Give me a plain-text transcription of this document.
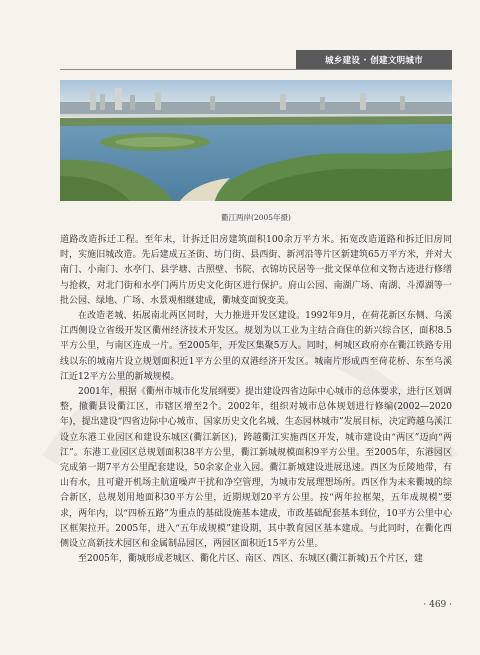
城乡建设 · 创建文明城市
衢江两岸(2005年摄)

道路改造拆迁工程。至年末，计拆迁旧房建筑面积100余万平方米。拓宽改造道路和拆迁旧房同时，实施旧城改造。先后建成五圣街、坊门街、县西街、新河沿等片区新建筑65万平方米，并对大南门、小南门、水亭门、县学塘、古照壁、书院、衣锦坊民居等一批文保单位和文物古迹进行修缮与抢救，对北门街和水亭门两片历史文化街区进行保护。府山公园、南湖广场、南湖、斗潭湖等一批公园、绿地、广场、水景观相继建成，衢城变面貌变美。

在改造老城、拓展南北两区同时，大力推进开发区建设。1992年9月，在荷花新区东侧、乌溪江西侧设立省级开发区衢州经济技术开发区。规划为以工业为主结合商住的新兴综合区，面积8.5平方公里，与南区连成一片。至2005年，开发区集聚5万人。同时，柯城区政府亦在衢江铁路专用线以东的城南片设立规划面积近1平方公里的双港经济开发区。城南片形成西至荷花桥、东至乌溪江近12平方公里的新城规模。

2001年，根据《衢州市城市化发展纲要》提出建设四省边际中心城市的总体要求，进行区划调整，撤衢县设衢江区，市辖区增至2个。2002年，组织对城市总体规划进行修编(2002—2020年)，提出建设“四省边际中心城市、国家历史文化名城、生态园林城市”发展目标，决定跨越乌溪江设立东港工业园区和建设东城区(衢江新区)，跨越衢江实施西区开发，城市建设由“两区”迈向“两江”。东港工业园区总规划面积38平方公里，衢江新城规模面积9平方公里。至2005年，东港园区完成第一期7平方公里配套建设，50余家企业入园。衢江新城建设进展迅速。西区为丘陵地带，有山有水，且可避开机场主航道噪声干扰和净空管理，为城市发展理想场所。西区作为未来衢城的综合新区，总规划用地面积30平方公里，近期规划20平方公里。按“两年拉框架，五年成规模”要求，两年内，以“四桥五路”为重点的基础设施基本建成，市政基础配套基本到位，10平方公里中心区框架拉开。2005年，进入“五年成规模”建设期，其中教育园区基本建成。与此同时，在衢化西侧设立高新技术园区和金属制品园区，两园区面积近15平方公里。

至2005年，衢城形成老城区、衢化片区、南区、西区、东城区(衢江新城)五个片区，建

· 469 ·
